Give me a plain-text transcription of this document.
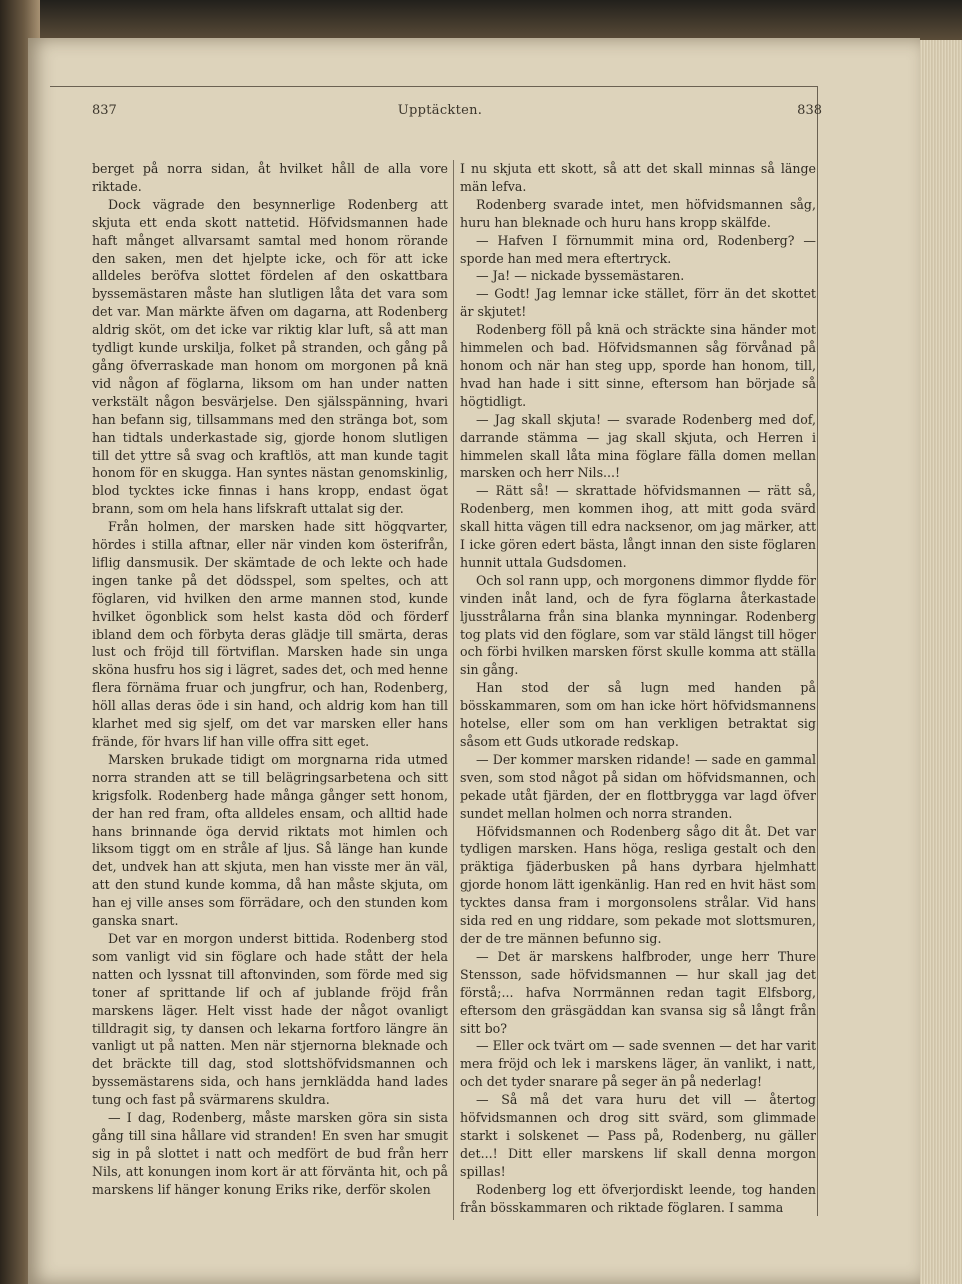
837	Upptäckten.	838

berget på norra sidan, åt hvilket håll de alla vore riktade.

Dock vägrade den besynnerlige Rodenberg att skjuta ett enda skott nattetid. Höfvidsmannen hade haft månget allvarsamt samtal med honom rörande den saken, men det hjelpte icke, och för att icke alldeles beröfva slottet fördelen af den oskattbara byssemästaren måste han slutligen låta det vara som det var. Man märkte äfven om dagarna, att Rodenberg aldrig sköt, om det icke var riktig klar luft, så att man tydligt kunde urskilja, folket på stranden, och gång på gång öfverraskade man honom om morgonen på knä vid någon af föglarna, liksom om han under natten verkstält någon besvärjelse. Den själsspänning, hvari han befann sig, tillsammans med den stränga bot, som han tidtals underkastade sig, gjorde honom slutligen till det yttre så svag och kraftlös, att man kunde tagit honom för en skugga. Han syntes nästan genomskinlig, blod tycktes icke finnas i hans kropp, endast ögat brann, som om hela hans lifskraft uttalat sig der.

Från holmen, der marsken hade sitt högqvarter, hördes i stilla aftnar, eller när vinden kom österifrån, liflig dansmusik. Der skämtade de och lekte och hade ingen tanke på det dödsspel, som speltes, och att föglaren, vid hvilken den arme mannen stod, kunde hvilket ögonblick som helst kasta död och förderf ibland dem och förbyta deras glädje till smärta, deras lust och fröjd till förtviflan. Marsken hade sin unga sköna husfru hos sig i lägret, sades det, och med henne flera förnäma fruar och jungfrur, och han, Rodenberg, höll allas deras öde i sin hand, och aldrig kom han till klarhet med sig sjelf, om det var marsken eller hans frände, för hvars lif han ville offra sitt eget.

Marsken brukade tidigt om morgnarna rida utmed norra stranden att se till belägringsarbetena och sitt krigsfolk. Rodenberg hade många gånger sett honom, der han red fram, ofta alldeles ensam, och alltid hade hans brinnande öga dervid riktats mot himlen och liksom tiggt om en stråle af ljus. Så länge han kunde det, undvek han att skjuta, men han visste mer än väl, att den stund kunde komma, då han måste skjuta, om han ej ville anses som förrädare, och den stunden kom ganska snart.

Det var en morgon underst bittida. Rodenberg stod som vanligt vid sin föglare och hade stått der hela natten och lyssnat till aftonvinden, som förde med sig toner af sprittande lif och af jublande fröjd från marskens läger. Helt visst hade der något ovanligt tilldragit sig, ty dansen och lekarna fortforo längre än vanligt ut på natten. Men när stjernorna bleknade och det bräckte till dag, stod slottshöfvidsmannen och byssemästarens sida, och hans jernklädda hand lades tung och fast på svärmarens skuldra.

— I dag, Rodenberg, måste marsken göra sin sista gång till sina hållare vid stranden! En sven har smugit sig in på slottet i natt och medfört de bud från herr Nils, att konungen inom kort är att förvänta hit, och på marskens lif hänger konung Eriks rike, derför skolen

I nu skjuta ett skott, så att det skall minnas så länge män lefva.

Rodenberg svarade intet, men höfvidsmannen såg, huru han bleknade och huru hans kropp skälfde.

— Hafven I förnummit mina ord, Rodenberg? — sporde han med mera eftertryck.

— Ja! — nickade byssemästaren.

— Godt! Jag lemnar icke stället, förr än det skottet är skjutet!

Rodenberg föll på knä och sträckte sina händer mot himmelen och bad. Höfvidsmannen såg förvånad på honom och när han steg upp, sporde han honom, till, hvad han hade i sitt sinne, eftersom han började så högtidligt.

— Jag skall skjuta! — svarade Rodenberg med dof, darrande stämma — jag skall skjuta, och Herren i himmelen skall låta mina föglare fälla domen mellan marsken och herr Nils...!

— Rätt så! — skrattade höfvidsmannen — rätt så, Rodenberg, men kommen ihog, att mitt goda svärd skall hitta vägen till edra nacksenor, om jag märker, att I icke gören edert bästa, långt innan den siste föglaren hunnit uttala Gudsdomen.

Och sol rann upp, och morgonens dimmor flydde för vinden inåt land, och de fyra föglarna återkastade ljusstrålarna från sina blanka mynningar. Rodenberg tog plats vid den föglare, som var stäld längst till höger och förbi hvilken marsken först skulle komma att ställa sin gång.

Han stod der så lugn med handen på bösskammaren, som om han icke hört höfvidsmannens hotelse, eller som om han verkligen betraktat sig såsom ett Guds utkorade redskap.

— Der kommer marsken ridande! — sade en gammal sven, som stod något på sidan om höfvidsmannen, och pekade utåt fjärden, der en flottbrygga var lagd öfver sundet mellan holmen och norra stranden.

Höfvidsmannen och Rodenberg sågo dit åt. Det var tydligen marsken. Hans höga, resliga gestalt och den präktiga fjäderbusken på hans dyrbara hjelmhatt gjorde honom lätt igenkänlig. Han red en hvit häst som tycktes dansa fram i morgonsolens strålar. Vid hans sida red en ung riddare, som pekade mot slottsmuren, der de tre männen befunno sig.

— Det är marskens halfbroder, unge herr Thure Stensson, sade höfvidsmannen — hur skall jag det förstå;... hafva Norrmännen redan tagit Elfsborg, eftersom den gräsgäddan kan svansa sig så långt från sitt bo?

— Eller ock tvärt om — sade svennen — det har varit mera fröjd och lek i marskens läger, än vanlikt, i natt, och det tyder snarare på seger än på nederlag!

— Så må det vara huru det vill — återtog höfvidsmannen och drog sitt svärd, som glimmade starkt i solskenet — Pass på, Rodenberg, nu gäller det...! Ditt eller marskens lif skall denna morgon spillas!

Rodenberg log ett öfverjordiskt leende, tog handen från bösskammaren och riktade föglaren. I samma
